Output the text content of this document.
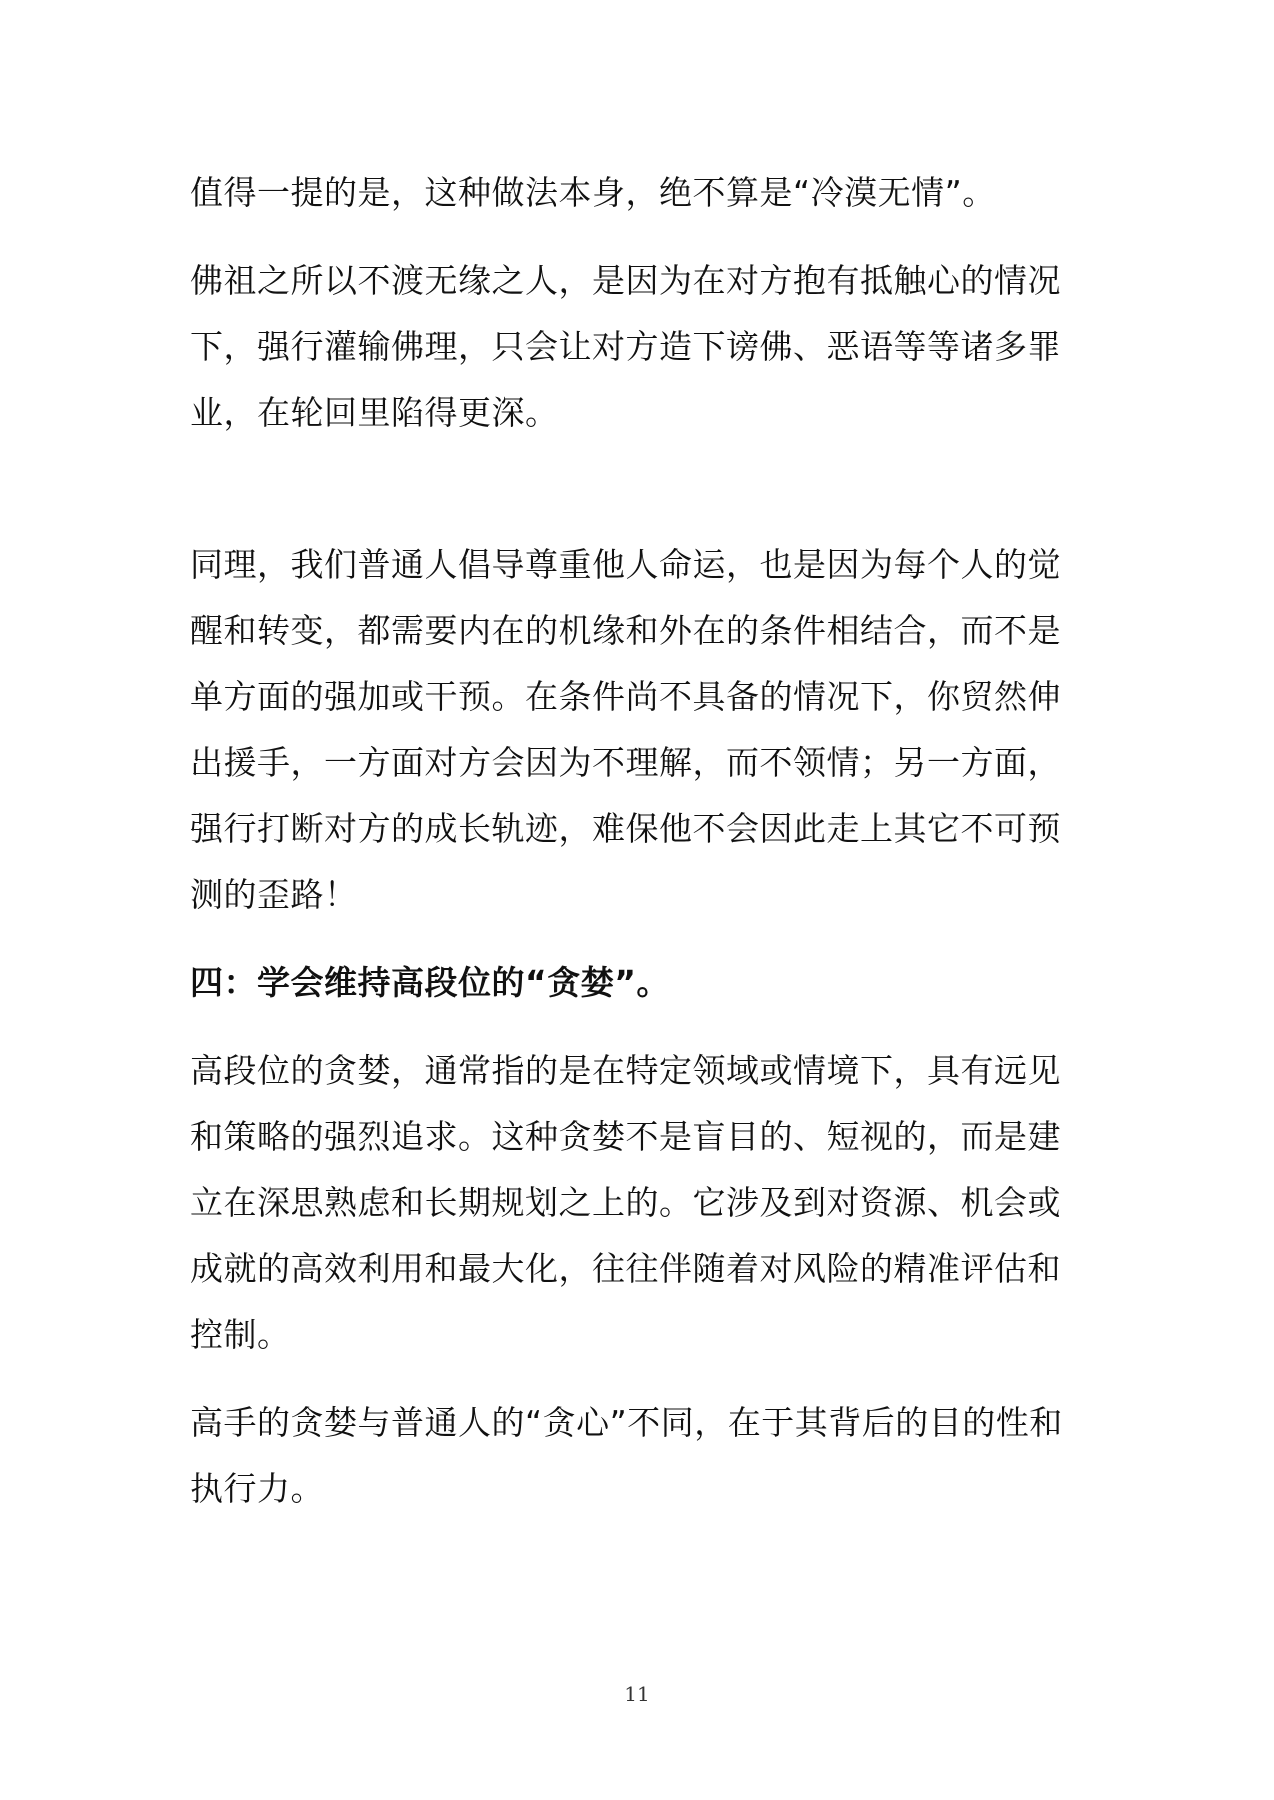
值得一提的是，这种做法本身，绝不算是“冷漠无情”。

佛祖之所以不渡无缘之人，是因为在对方抱有抵触心的情况下，强行灌输佛理，只会让对方造下谤佛、恶语等等诸多罪业，在轮回里陷得更深。

同理，我们普通人倡导尊重他人命运，也是因为每个人的觉醒和转变，都需要内在的机缘和外在的条件相结合，而不是单方面的强加或干预。在条件尚不具备的情况下，你贸然伸出援手，一方面对方会因为不理解，而不领情；另一方面，强行打断对方的成长轨迹，难保他不会因此走上其它不可预测的歪路！

四：学会维持高段位的“贪婪”。

高段位的贪婪，通常指的是在特定领域或情境下，具有远见和策略的强烈追求。这种贪婪不是盲目的、短视的，而是建立在深思熟虑和长期规划之上的。它涉及到对资源、机会或成就的高效利用和最大化，往往伴随着对风险的精准评估和控制。

高手的贪婪与普通人的“贪心”不同，在于其背后的目的性和执行力。

11
